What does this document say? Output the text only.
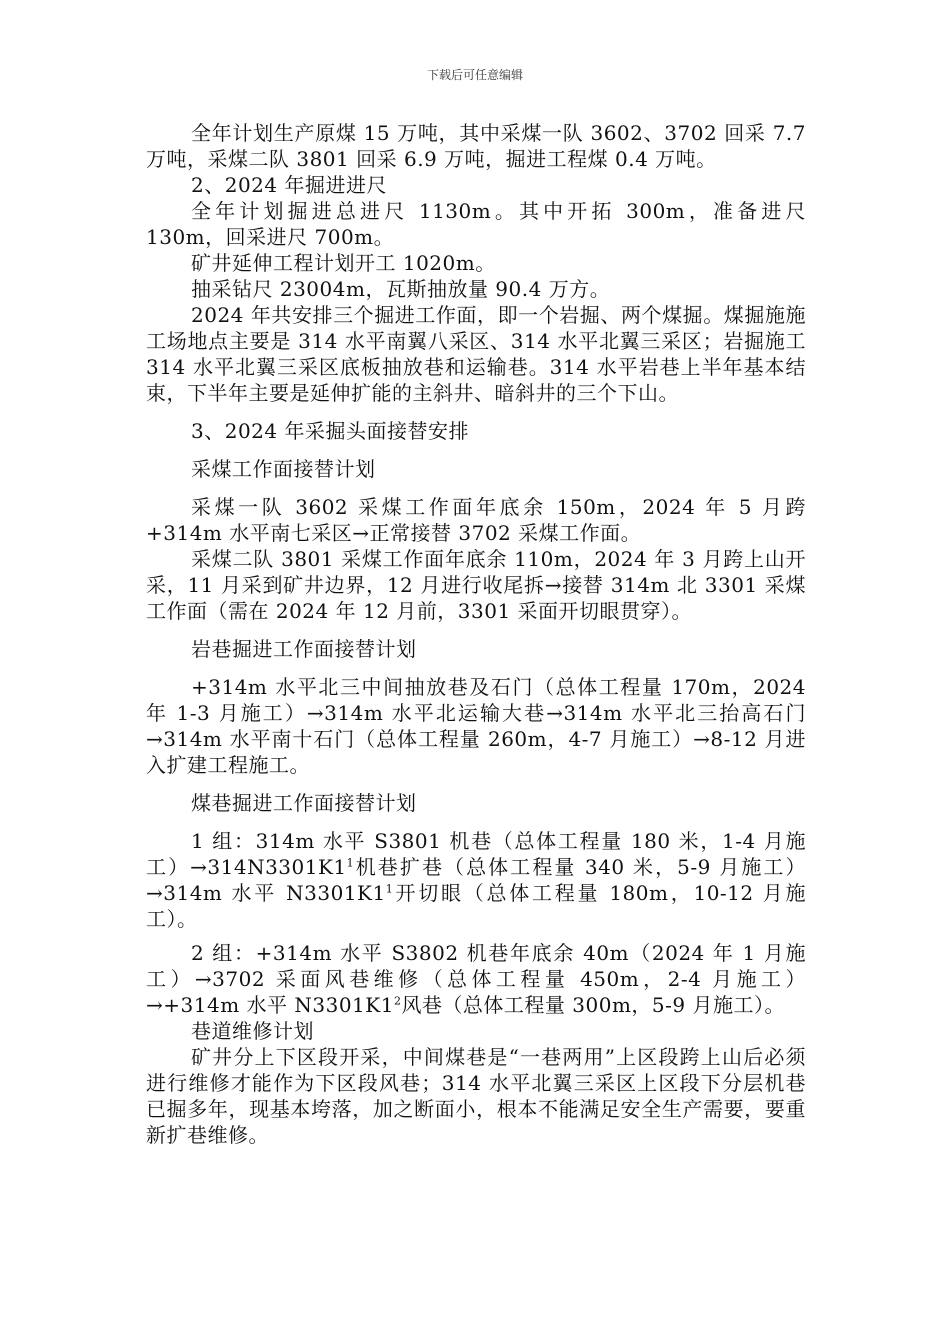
下载后可任意编辑

全年计划生产原煤 15 万吨，其中采煤一队 3602、3702 回采 7.7 万吨，采煤二队 3801 回采 6.9 万吨，掘进工程煤 0.4 万吨。

2、2024 年掘进进尺

全年计划掘进总进尺 1130m。其中开拓 300m，准备进尺 130m，回采进尺 700m。

矿井延伸工程计划开工 1020m。

抽采钻尺 23004m，瓦斯抽放量 90.4 万方。

2024 年共安排三个掘进工作面，即一个岩掘、两个煤掘。煤掘施施工场地点主要是 314 水平南翼八采区、314 水平北翼三采区；岩掘施工 314 水平北翼三采区底板抽放巷和运输巷。314 水平岩巷上半年基本结束，下半年主要是延伸扩能的主斜井、暗斜井的三个下山。

3、2024 年采掘头面接替安排

采煤工作面接替计划

采煤一队 3602 采煤工作面年底余 150m，2024 年 5 月跨 +314m 水平南七采区→正常接替 3702 采煤工作面。

采煤二队 3801 采煤工作面年底余 110m，2024 年 3 月跨上山开采，11 月采到矿井边界，12 月进行收尾拆→接替 314m 北 3301 采煤工作面（需在 2024 年 12 月前，3301 采面开切眼贯穿）。

岩巷掘进工作面接替计划

+314m 水平北三中间抽放巷及石门（总体工程量 170m，2024 年 1-3 月施工）→314m 水平北运输大巷→314m 水平北三抬高石门→314m 水平南十石门（总体工程量 260m，4-7 月施工）→8-12 月进入扩建工程施工。

煤巷掘进工作面接替计划

1 组：314m 水平 S3801 机巷（总体工程量 180 米，1-4 月施工）$\to 314N3301K1^1$机巷扩巷（总体工程量 340 米，5-9 月施工）→314m 水平 $N3301K1^1$开切眼（总体工程量 180m，10-12 月施工）。

2 组：+314m 水平 S3802 机巷年底余 40m（2024 年 1 月施工）→3702 采面风巷维修（总体工程量 450m，2-4 月施工）→+314m 水平 $N3301K1^2$风巷（总体工程量 300m，5-9 月施工）。

巷道维修计划

矿井分上下区段开采，中间煤巷是“一巷两用”上区段跨上山后必须进行维修才能作为下区段风巷；314 水平北翼三采区上区段下分层机巷已掘多年，现基本垮落，加之断面小，根本不能满足安全生产需要，要重新扩巷维修。
